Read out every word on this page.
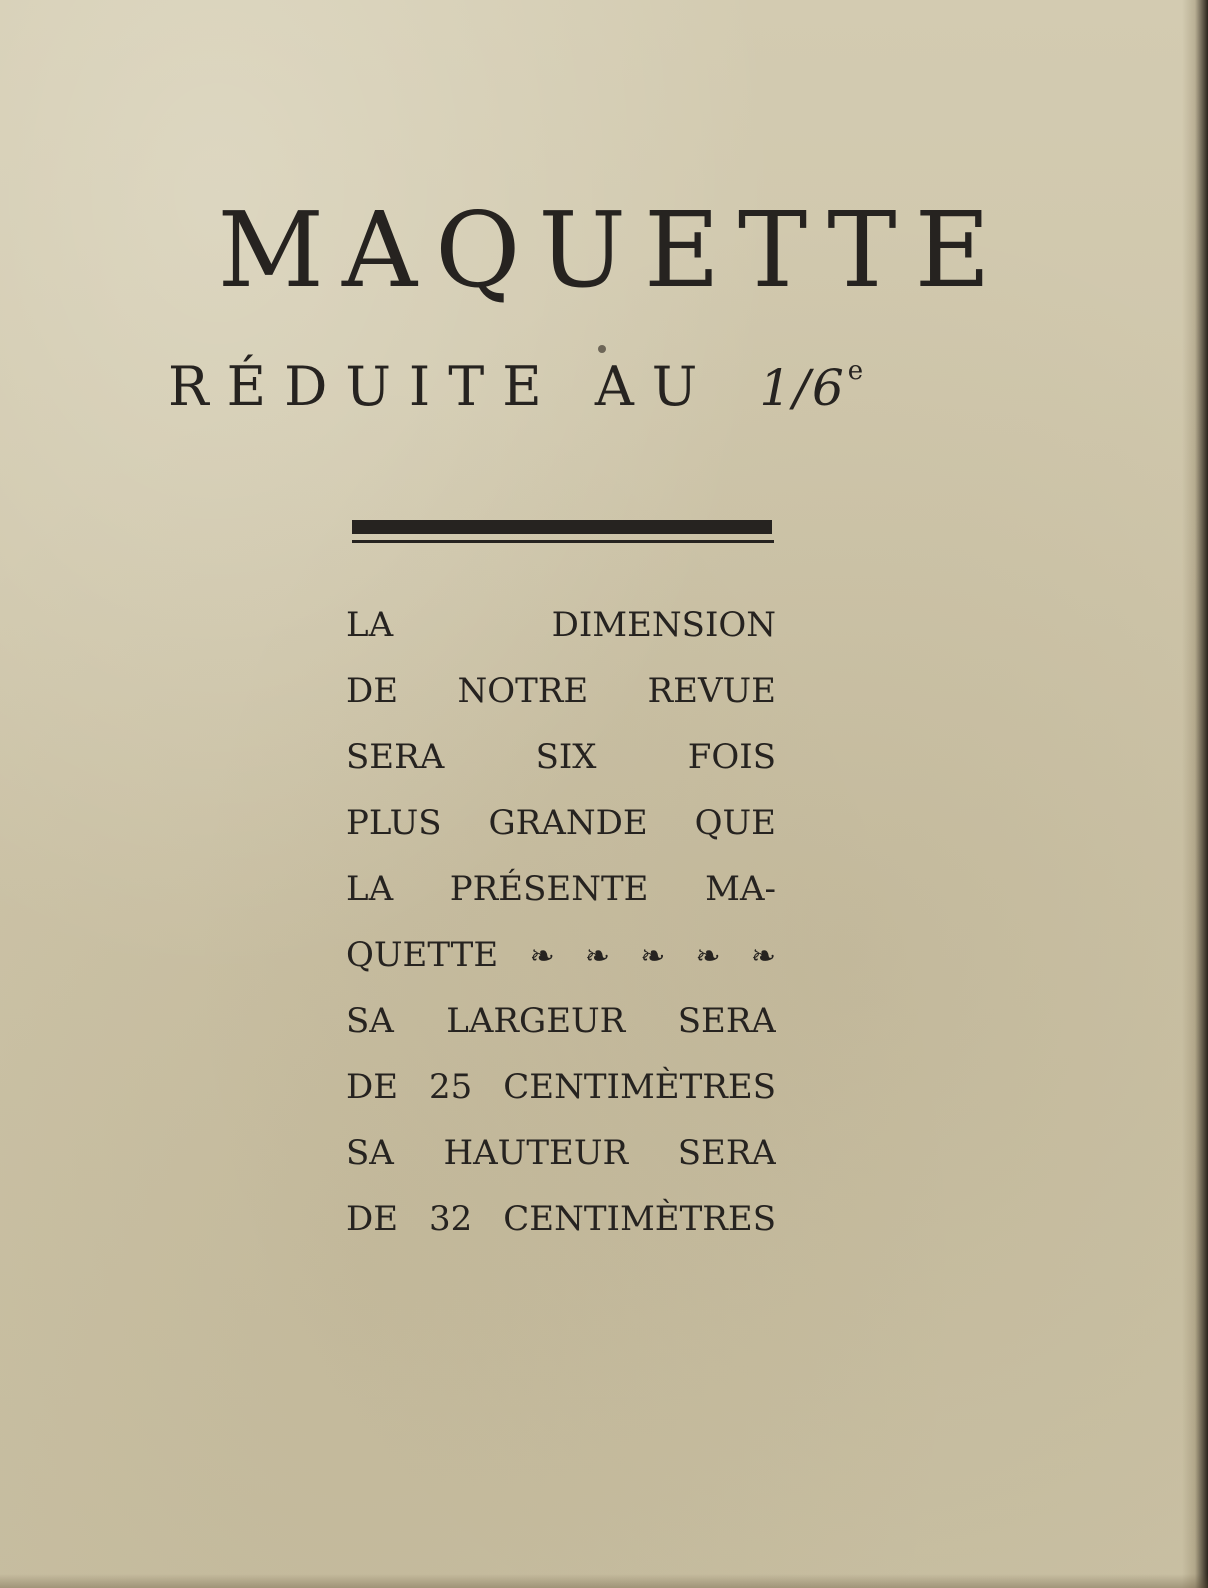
MAQUETTE
RÉDUITE AU 1/6e
LA DIMENSION
DE NOTRE REVUE
SERA SIX FOIS
PLUS GRANDE QUE
LA PRÉSENTE MA-
QUETTE ❧ ❧ ❧ ❧ ❧
SA LARGEUR SERA
DE 25 CENTIMÈTRES
SA HAUTEUR SERA
DE 32 CENTIMÈTRES
